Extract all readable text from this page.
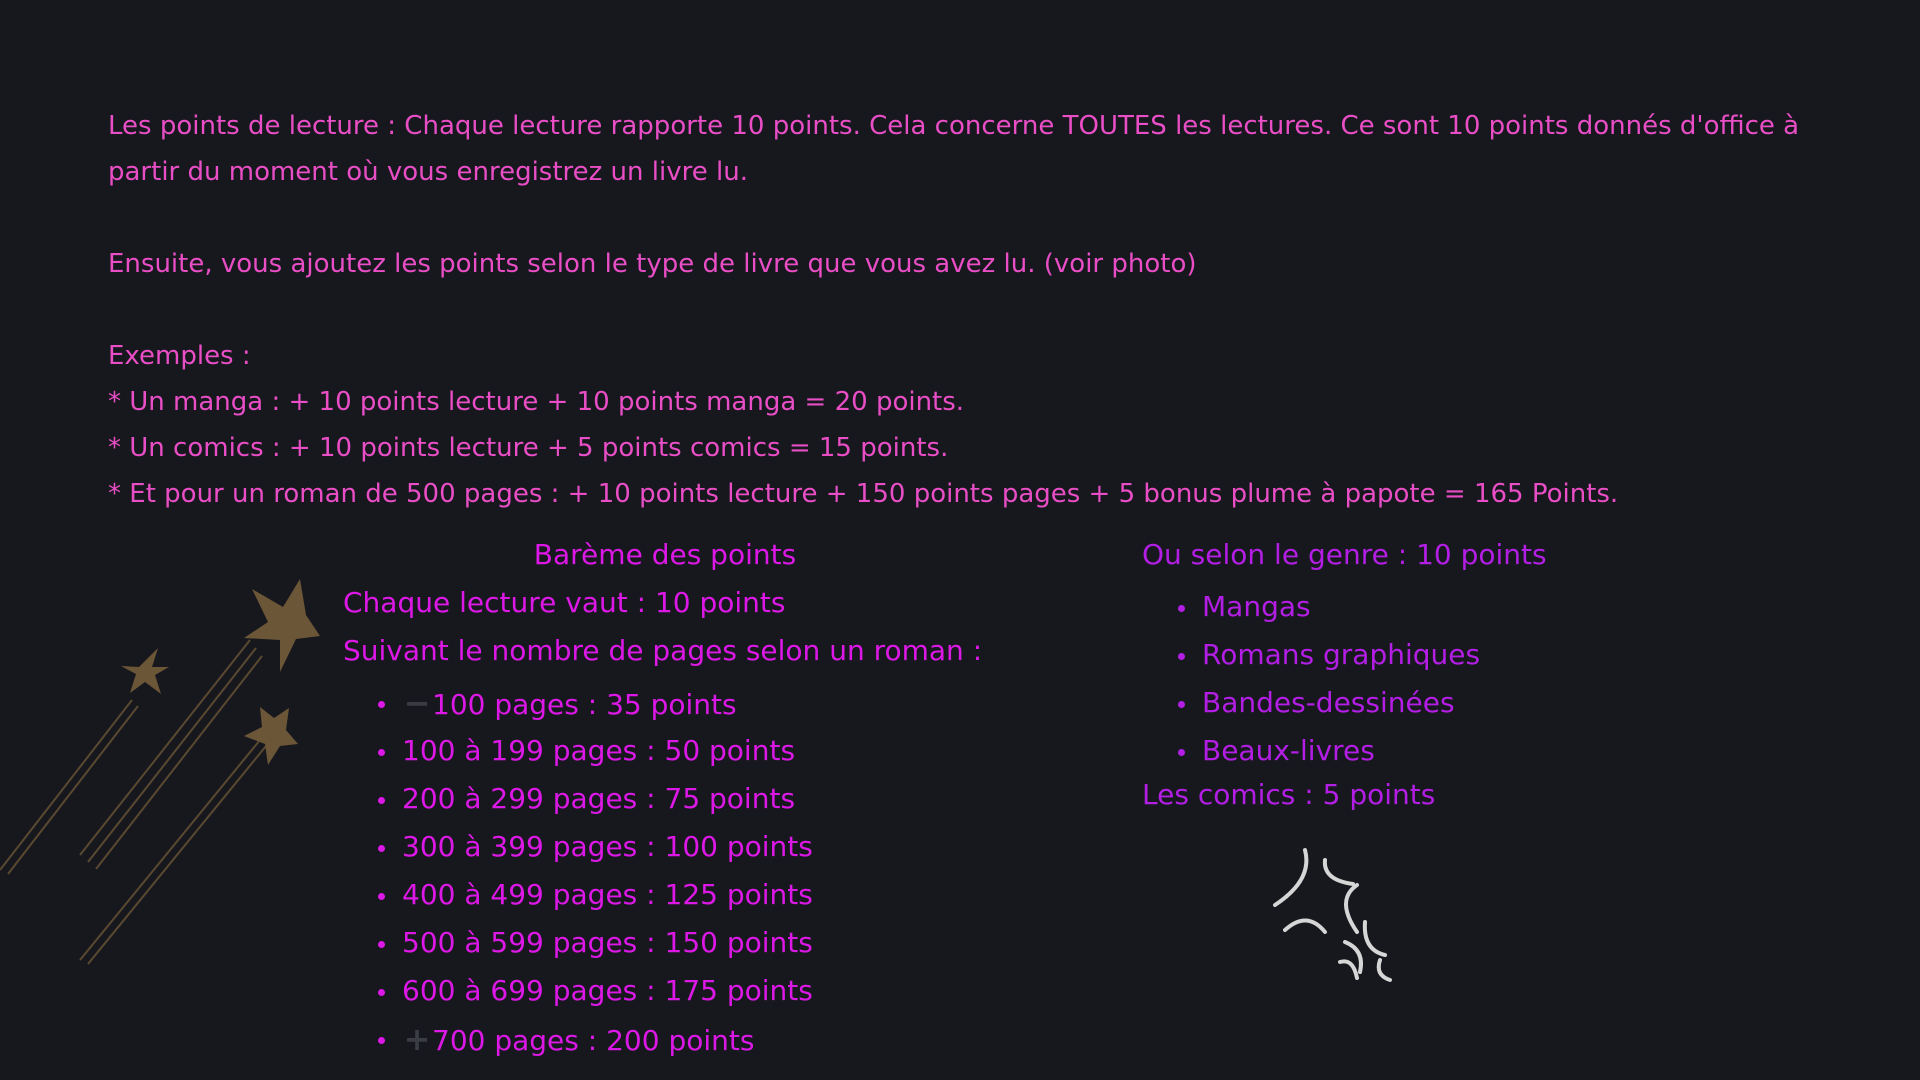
Les points de lecture : Chaque lecture rapporte 10 points. Cela concerne TOUTES les lectures. Ce sont 10 points donnés d'office à partir du moment où vous enregistrez un livre lu.

Ensuite, vous ajoutez les points selon le type de livre que vous avez lu. (voir photo)

Exemples :

* Un manga : + 10 points lecture + 10 points manga = 20 points.

* Un comics : + 10 points lecture + 5 points comics = 15 points.

* Et pour un roman de 500 pages : + 10 points lecture + 150 points pages + 5 bonus plume à papote = 165 Points.

Barème des points
Chaque lecture vaut : 10 points
Suivant le nombre de pages selon un roman :
−100 pages : 35 points
100 à 199 pages : 50 points
200 à 299 pages : 75 points
300 à 399 pages : 100 points
400 à 499 pages : 125 points
500 à 599 pages : 150 points
600 à 699 pages : 175 points
+700 pages : 200 points
Ou selon le genre : 10 points
Mangas
Romans graphiques
Bandes-dessinées
Beaux-livres
Les comics : 5 points
